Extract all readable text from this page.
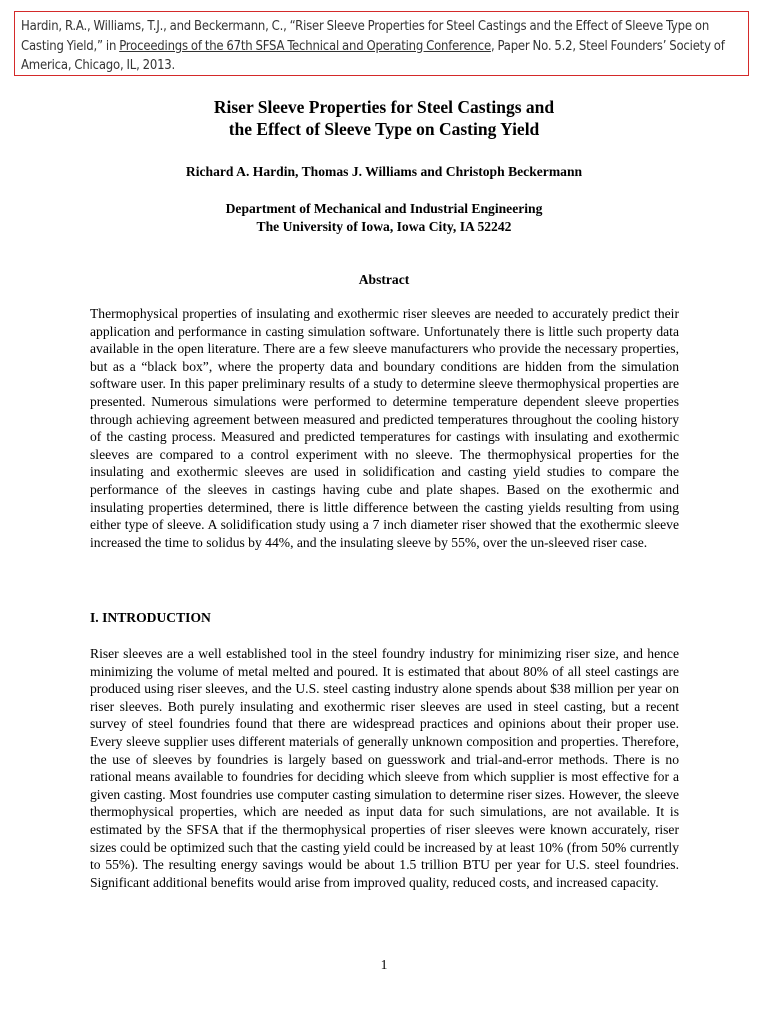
Hardin, R.A., Williams, T.J., and Beckermann, C., “Riser Sleeve Properties for Steel Castings and the Effect of Sleeve Type on Casting Yield,” in Proceedings of the 67th SFSA Technical and Operating Conference, Paper No. 5.2, Steel Founders’ Society of America, Chicago, IL, 2013.
Riser Sleeve Properties for Steel Castings and
the Effect of Sleeve Type on Casting Yield
Richard A. Hardin, Thomas J. Williams and Christoph Beckermann
Department of Mechanical and Industrial Engineering
The University of Iowa, Iowa City, IA 52242
Abstract
Thermophysical properties of insulating and exothermic riser sleeves are needed to accurately predict their application and performance in casting simulation software. Unfortunately there is little such property data available in the open literature. There are a few sleeve manufacturers who provide the necessary properties, but as a “black box”, where the property data and boundary conditions are hidden from the simulation software user. In this paper preliminary results of a study to determine sleeve thermophysical properties are presented. Numerous simulations were performed to determine temperature dependent sleeve properties through achieving agreement between measured and predicted temperatures throughout the cooling history of the casting process. Measured and predicted temperatures for castings with insulating and exothermic sleeves are compared to a control experiment with no sleeve. The thermophysical properties for the insulating and exothermic sleeves are used in solidification and casting yield studies to compare the performance of the sleeves in castings having cube and plate shapes. Based on the exothermic and insulating properties determined, there is little difference between the casting yields resulting from using either type of sleeve. A solidification study using a 7 inch diameter riser showed that the exothermic sleeve increased the time to solidus by 44%, and the insulating sleeve by 55%, over the un-sleeved riser case.
I. INTRODUCTION
Riser sleeves are a well established tool in the steel foundry industry for minimizing riser size, and hence minimizing the volume of metal melted and poured. It is estimated that about 80% of all steel castings are produced using riser sleeves, and the U.S. steel casting industry alone spends about $38 million per year on riser sleeves. Both purely insulating and exothermic riser sleeves are used in steel casting, but a recent survey of steel foundries found that there are widespread practices and opinions about their proper use. Every sleeve supplier uses different materials of generally unknown composition and properties. Therefore, the use of sleeves by foundries is largely based on guesswork and trial-and-error methods. There is no rational means available to foundries for deciding which sleeve from which supplier is most effective for a given casting. Most foundries use computer casting simulation to determine riser sizes. However, the sleeve thermophysical properties, which are needed as input data for such simulations, are not available. It is estimated by the SFSA that if the thermophysical properties of riser sleeves were known accurately, riser sizes could be optimized such that the casting yield could be increased by at least 10% (from 50% currently to 55%). The resulting energy savings would be about 1.5 trillion BTU per year for U.S. steel foundries. Significant additional benefits would arise from improved quality, reduced costs, and increased capacity.
1
